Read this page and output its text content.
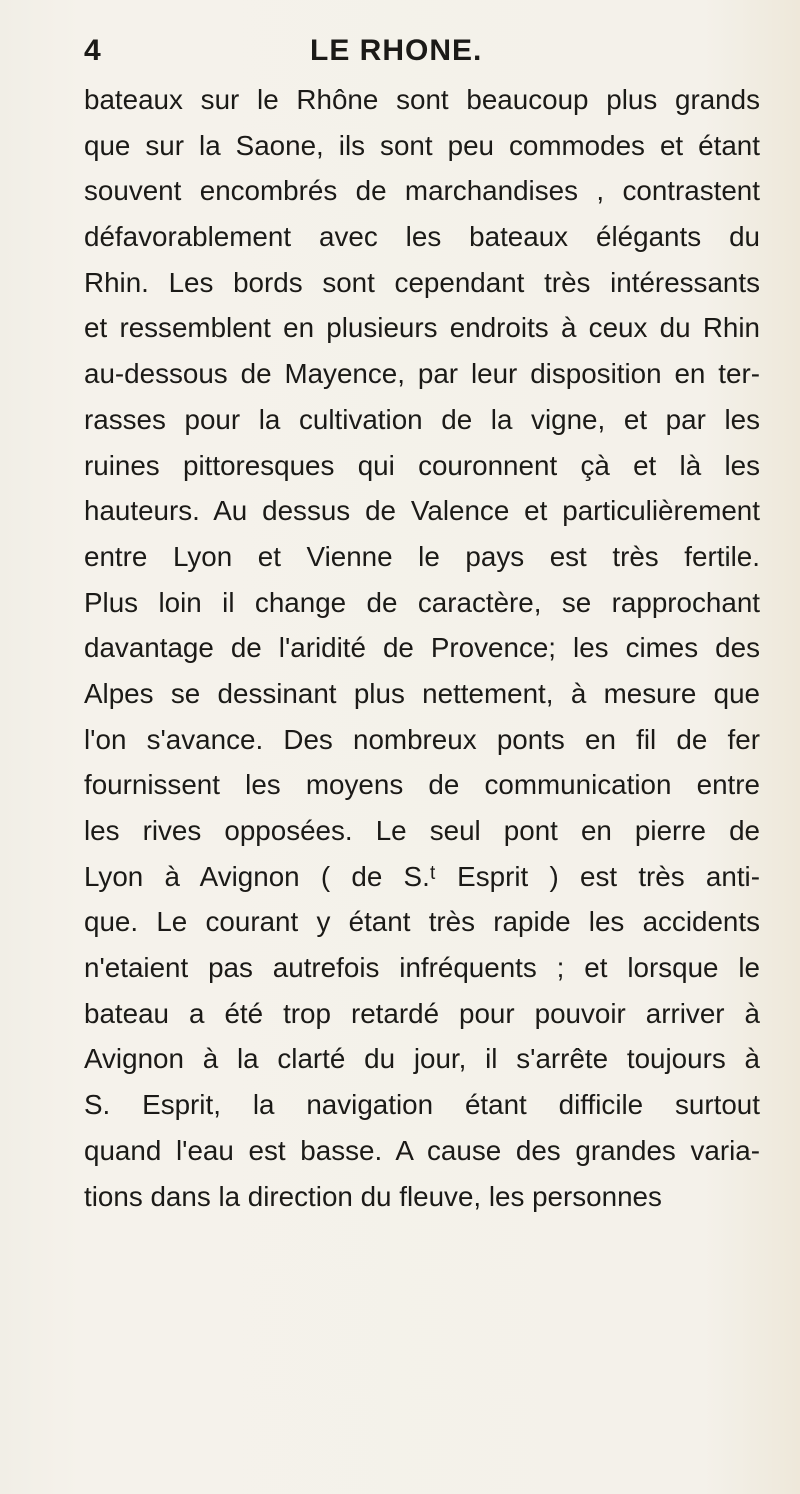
4	LE RHONE.
bateaux sur le Rhône sont beaucoup plus grands
que sur la Saone, ils sont peu commodes et étant
souvent encombrés de marchandises , contrastent
défavorablement avec les bateaux élégants du
Rhin. Les bords sont cependant très intéressants
et ressemblent en plusieurs endroits à ceux du Rhin
au-dessous de Mayence, par leur disposition en ter-
rasses pour la cultivation de la vigne, et par les
ruines pittoresques qui couronnent çà et là les
hauteurs. Au dessus de Valence et particulièrement
entre Lyon et Vienne le pays est très fertile.
Plus loin il change de caractère, se rapprochant
davantage de l'aridité de Provence; les cimes des
Alpes se dessinant plus nettement, à mesure que
l'on s'avance. Des nombreux ponts en fil de fer
fournissent les moyens de communication entre
les rives opposées. Le seul pont en pierre de
Lyon à Avignon ( de S.ᵗ Esprit ) est très anti-
que. Le courant y étant très rapide les accidents
n'etaient pas autrefois infréquents ; et lorsque le
bateau a été trop retardé pour pouvoir arriver à
Avignon à la clarté du jour, il s'arrête toujours à
S. Esprit, la navigation étant difficile surtout
quand l'eau est basse. A cause des grandes varia-
tions dans la direction du fleuve, les personnes
